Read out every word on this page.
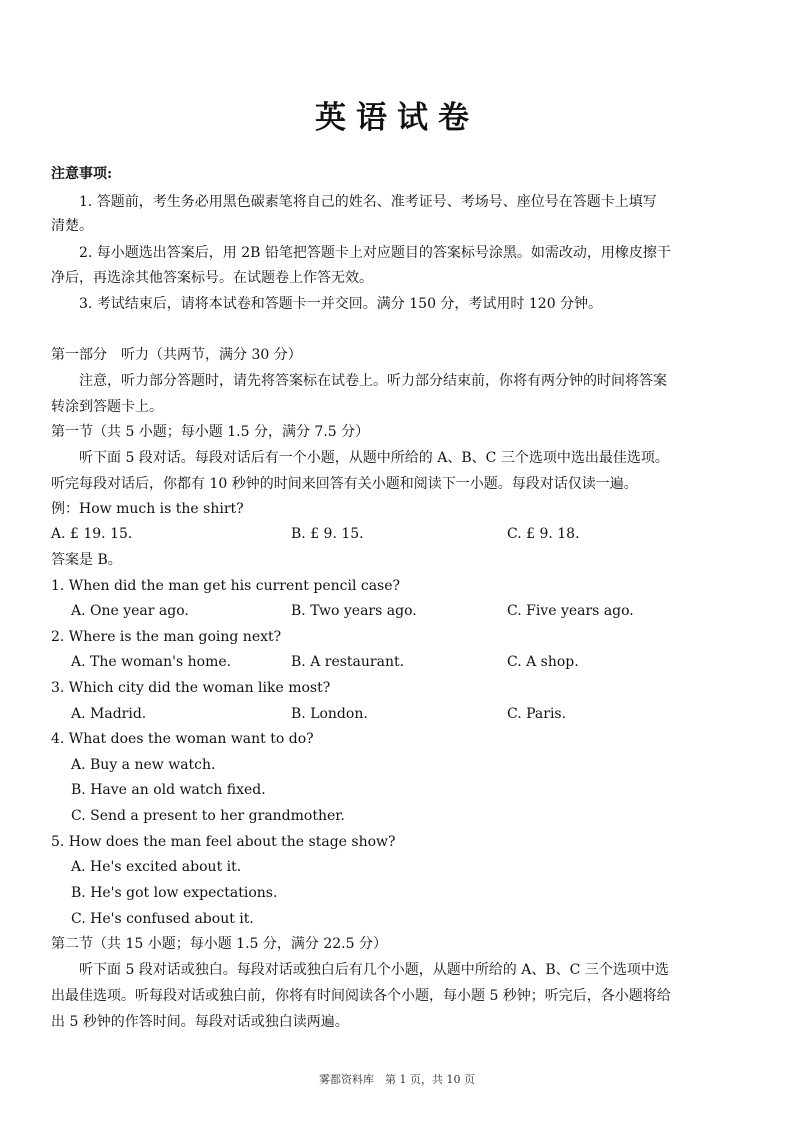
英语试卷
注意事项:
1. 答题前，考生务必用黑色碳素笔将自己的姓名、准考证号、考场号、座位号在答题卡上填写
清楚。
2. 每小题选出答案后，用 2B 铅笔把答题卡上对应题目的答案标号涂黑。如需改动，用橡皮擦干
净后，再选涂其他答案标号。在试题卷上作答无效。
3. 考试结束后，请将本试卷和答题卡一并交回。满分 150 分，考试用时 120 分钟。
第一部分　听力（共两节，满分 30 分）
注意，听力部分答题时，请先将答案标在试卷上。听力部分结束前，你将有两分钟的时间将答案
转涂到答题卡上。
第一节（共 5 小题；每小题 1.5 分，满分 7.5 分）
听下面 5 段对话。每段对话后有一个小题，从题中所给的 A、B、C 三个选项中选出最佳选项。
听完每段对话后，你都有 10 秒钟的时间来回答有关小题和阅读下一小题。每段对话仅读一遍。
例：How much is the shirt?
A. £ 19. 15.	B. £ 9. 15.	C. £ 9. 18.
答案是 B。
1. When did the man get his current pencil case?
A. One year ago.	B. Two years ago.	C. Five years ago.
2. Where is the man going next?
A. The woman's home.	B. A restaurant.	C. A shop.
3. Which city did the woman like most?
A. Madrid.	B. London.	C. Paris.
4. What does the woman want to do?
A. Buy a new watch.
B. Have an old watch fixed.
C. Send a present to her grandmother.
5. How does the man feel about the stage show?
A. He's excited about it.
B. He's got low expectations.
C. He's confused about it.
第二节（共 15 小题；每小题 1.5 分，满分 22.5 分）
听下面 5 段对话或独白。每段对话或独白后有几个小题，从题中所给的 A、B、C 三个选项中选
出最佳选项。听每段对话或独白前，你将有时间阅读各个小题，每小题 5 秒钟；听完后，各小题将给
出 5 秒钟的作答时间。每段对话或独白读两遍。
雾都资料库　第 1 页，共 10 页
